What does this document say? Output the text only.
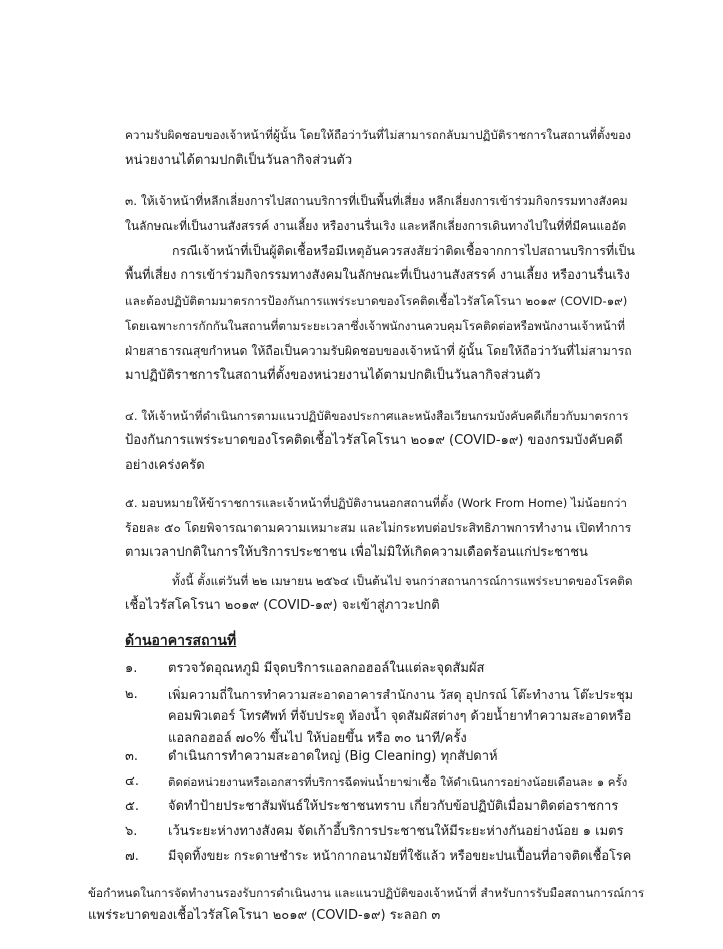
ความรับผิดชอบของเจ้าหน้าที่ผู้นั้น โดยให้ถือว่าวันที่ไม่สามารถกลับมาปฏิบัติราชการในสถานที่ตั้งของ
หน่วยงานได้ตามปกติเป็นวันลากิจส่วนตัว
๓. ให้เจ้าหน้าที่หลีกเลี่ยงการไปสถานบริการที่เป็นพื้นที่เสี่ยง หลีกเลี่ยงการเข้าร่วมกิจกรรมทางสังคม
ในลักษณะที่เป็นงานสังสรรค์ งานเลี้ยง หรืองานรื่นเริง และหลีกเลี่ยงการเดินทางไปในที่ที่มีคนแออัด
กรณีเจ้าหน้าที่เป็นผู้ติดเชื้อหรือมีเหตุอันควรสงสัยว่าติดเชื้อจากการไปสถานบริการที่เป็น
พื้นที่เสี่ยง การเข้าร่วมกิจกรรมทางสังคมในลักษณะที่เป็นงานสังสรรค์ งานเลี้ยง หรืองานรื่นเริง
และต้องปฏิบัติตามมาตรการป้องกันการแพร่ระบาดของโรคติดเชื้อไวรัสโคโรนา ๒๐๑๙ (COVID-๑๙)
โดยเฉพาะการกักกันในสถานที่ตามระยะเวลาซึ่งเจ้าพนักงานควบคุมโรคติดต่อหรือพนักงานเจ้าหน้าที่
ฝ่ายสาธารณสุขกำหนด ให้ถือเป็นความรับผิดชอบของเจ้าหน้าที่ ผู้นั้น โดยให้ถือว่าวันที่ไม่สามารถ
มาปฏิบัติราชการในสถานที่ตั้งของหน่วยงานได้ตามปกติเป็นวันลากิจส่วนตัว
๔. ให้เจ้าหน้าที่ดำเนินการตามแนวปฏิบัติของประกาศและหนังสือเวียนกรมบังคับคดีเกี่ยวกับมาตรการ
ป้องกันการแพร่ระบาดของโรคติดเชื้อไวรัสโคโรนา ๒๐๑๙ (COVID-๑๙) ของกรมบังคับคดี
อย่างเคร่งครัด
๕. มอบหมายให้ข้าราชการและเจ้าหน้าที่ปฏิบัติงานนอกสถานที่ตั้ง (Work From Home) ไม่น้อยกว่า
ร้อยละ ๕๐ โดยพิจารณาตามความเหมาะสม และไม่กระทบต่อประสิทธิภาพการทำงาน เปิดทำการ
ตามเวลาปกติในการให้บริการประชาชน เพื่อไม่มิให้เกิดความเดือดร้อนแก่ประชาชน
ทั้งนี้ ตั้งแต่วันที่ ๒๒ เมษายน ๒๕๖๔ เป็นต้นไป จนกว่าสถานการณ์การแพร่ระบาดของโรคติด
เชื้อไวรัสโคโรนา ๒๐๑๙ (COVID-๑๙) จะเข้าสู่ภาวะปกติ
ด้านอาคารสถานที่
๑. ตรวจวัดอุณหภูมิ มีจุดบริการแอลกอฮอล์ในแต่ละจุดสัมผัส
๒. เพิ่มความถี่ในการทำความสะอาดอาคารสำนักงาน วัสดุ อุปกรณ์ โต๊ะทำงาน โต๊ะประชุม
คอมพิวเตอร์ โทรศัพท์ ที่จับประตู ห้องน้ำ จุดสัมผัสต่างๆ ด้วยน้ำยาทำความสะอาดหรือ
แอลกอฮอล์ ๗๐% ขึ้นไป ให้บ่อยขึ้น หรือ ๓๐ นาที/ครั้ง
๓. ดำเนินการทำความสะอาดใหญ่ (Big Cleaning) ทุกสัปดาห์
๔.	ติดต่อหน่วยงานหรือเอกสารที่บริการฉีดพ่นน้ำยาฆ่าเชื้อ ให้ดำเนินการอย่างน้อยเดือนละ ๑ ครั้ง
๕. จัดทำป้ายประชาสัมพันธ์ให้ประชาชนทราบ เกี่ยวกับข้อปฏิบัติเมื่อมาติดต่อราชการ
๖. เว้นระยะห่างทางสังคม จัดเก้าอี้บริการประชาชนให้มีระยะห่างกันอย่างน้อย ๑ เมตร
๗. มีจุดทิ้งขยะ กระดาษชำระ หน้ากากอนามัยที่ใช้แล้ว หรือขยะปนเปื้อนที่อาจติดเชื้อโรค
ข้อกำหนดในการจัดทำงานรองรับการดำเนินงาน และแนวปฏิบัติของเจ้าหน้าที่ สำหรับการรับมือสถานการณ์การ
แพร่ระบาดของเชื้อไวรัสโคโรนา ๒๐๑๙ (COVID-๑๙) ระลอก ๓
